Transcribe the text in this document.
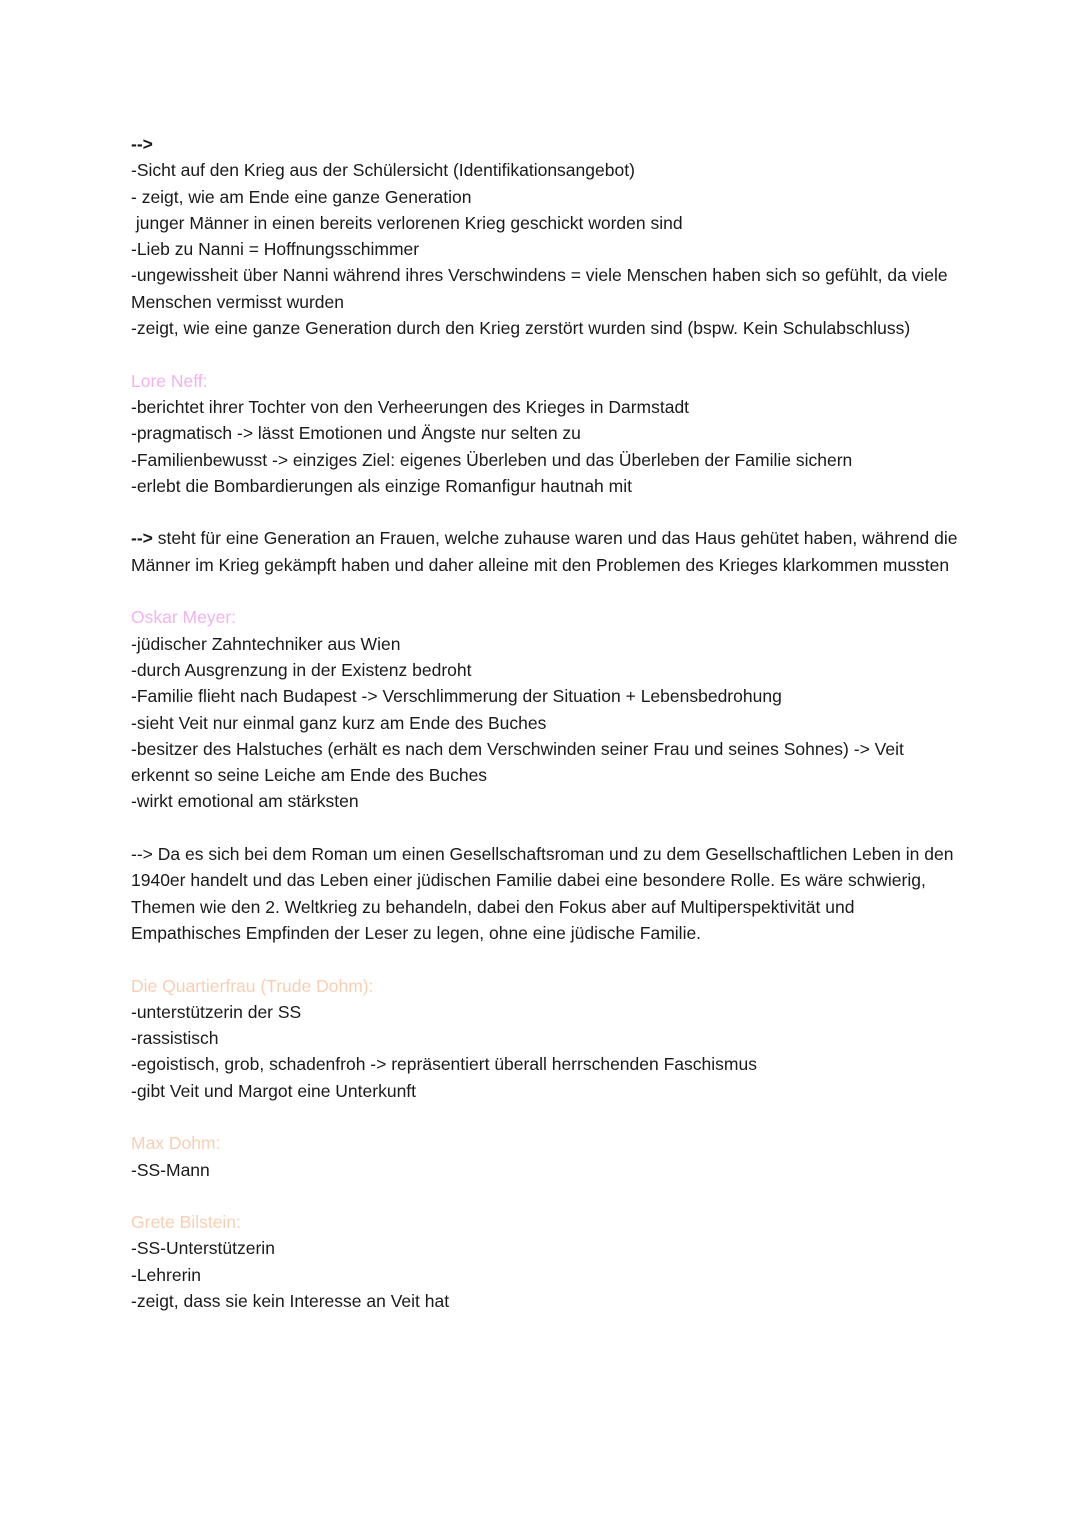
-->
-Sicht auf den Krieg aus der Schülersicht (Identifikationsangebot)
- zeigt, wie am Ende eine ganze Generation
junger Männer in einen bereits verlorenen Krieg geschickt worden sind
-Lieb zu Nanni = Hoffnungsschimmer
-ungewissheit über Nanni während ihres Verschwindens = viele Menschen haben sich so gefühlt, da viele Menschen vermisst wurden
-zeigt, wie eine ganze Generation durch den Krieg zerstört wurden sind (bspw. Kein Schulabschluss)
Lore Neff:
-berichtet ihrer Tochter von den Verheerungen des Krieges in Darmstadt
-pragmatisch -> lässt Emotionen und Ängste nur selten zu
-Familienbewusst -> einziges Ziel: eigenes Überleben und das Überleben der Familie sichern
-erlebt die Bombardierungen als einzige Romanfigur hautnah mit
--> steht für eine Generation an Frauen, welche zuhause waren und das Haus gehütet haben, während die Männer im Krieg gekämpft haben und daher alleine mit den Problemen des Krieges klarkommen mussten
Oskar Meyer:
-jüdischer Zahntechniker aus Wien
-durch Ausgrenzung in der Existenz bedroht
-Familie flieht nach Budapest -> Verschlimmerung der Situation + Lebensbedrohung
-sieht Veit nur einmal ganz kurz am Ende des Buches
-besitzer des Halstuches (erhält es nach dem Verschwinden seiner Frau und seines Sohnes) -> Veit erkennt so seine Leiche am Ende des Buches
-wirkt emotional am stärksten
--> Da es sich bei dem Roman um einen Gesellschaftsroman und zu dem Gesellschaftlichen Leben in den 1940er handelt und das Leben einer jüdischen Familie dabei eine besondere Rolle. Es wäre schwierig, Themen wie den 2. Weltkrieg zu behandeln, dabei den Fokus aber auf Multiperspektivität und Empathisches Empfinden der Leser zu legen, ohne eine jüdische Familie.
Die Quartierfrau (Trude Dohm):
-unterstützerin der SS
-rassistisch
-egoistisch, grob, schadenfroh -> repräsentiert überall herrschenden Faschismus
-gibt Veit und Margot eine Unterkunft
Max Dohm:
-SS-Mann
Grete Bilstein:
-SS-Unterstützerin
-Lehrerin
-zeigt, dass sie kein Interesse an Veit hat
